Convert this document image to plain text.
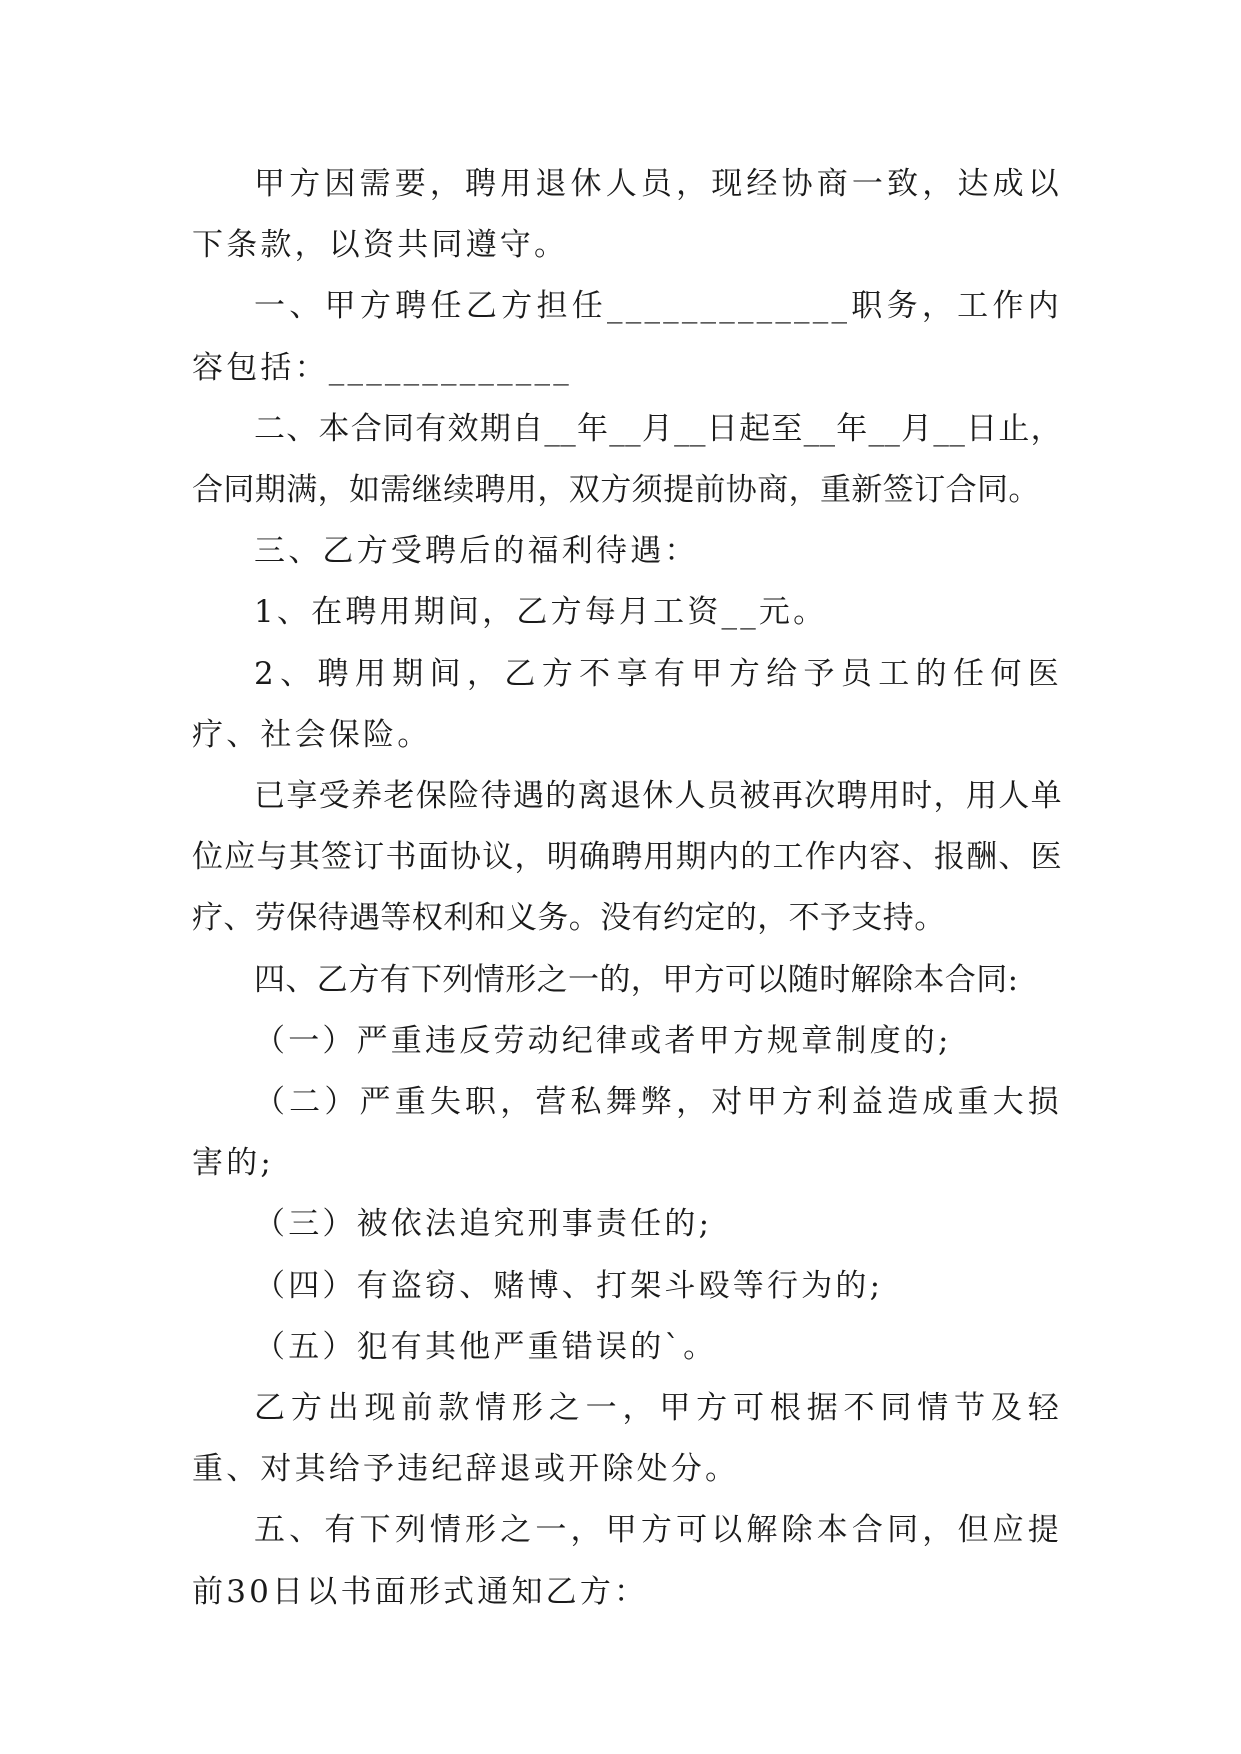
甲方因需要，聘用退休人员，现经协商一致，达成以下条款，以资共同遵守。

一、甲方聘任乙方担任_____________职务，工作内容包括：_____________

二、本合同有效期自__年__月__日起至__年__月__日止，合同期满，如需继续聘用，双方须提前协商，重新签订合同。

三、乙方受聘后的福利待遇：

1、在聘用期间，乙方每月工资__元。

2、聘用期间，乙方不享有甲方给予员工的任何医疗、社会保险。

已享受养老保险待遇的离退休人员被再次聘用时，用人单位应与其签订书面协议，明确聘用期内的工作内容、报酬、医疗、劳保待遇等权利和义务。没有约定的，不予支持。

四、乙方有下列情形之一的，甲方可以随时解除本合同:

（一）严重违反劳动纪律或者甲方规章制度的;

（二）严重失职，营私舞弊，对甲方利益造成重大损害的;

（三）被依法追究刑事责任的;

（四）有盗窃、赌博、打架斗殴等行为的;

（五）犯有其他严重错误的`。

乙方出现前款情形之一，甲方可根据不同情节及轻重、对其给予违纪辞退或开除处分。

五、有下列情形之一，甲方可以解除本合同，但应提前30日以书面形式通知乙方：
